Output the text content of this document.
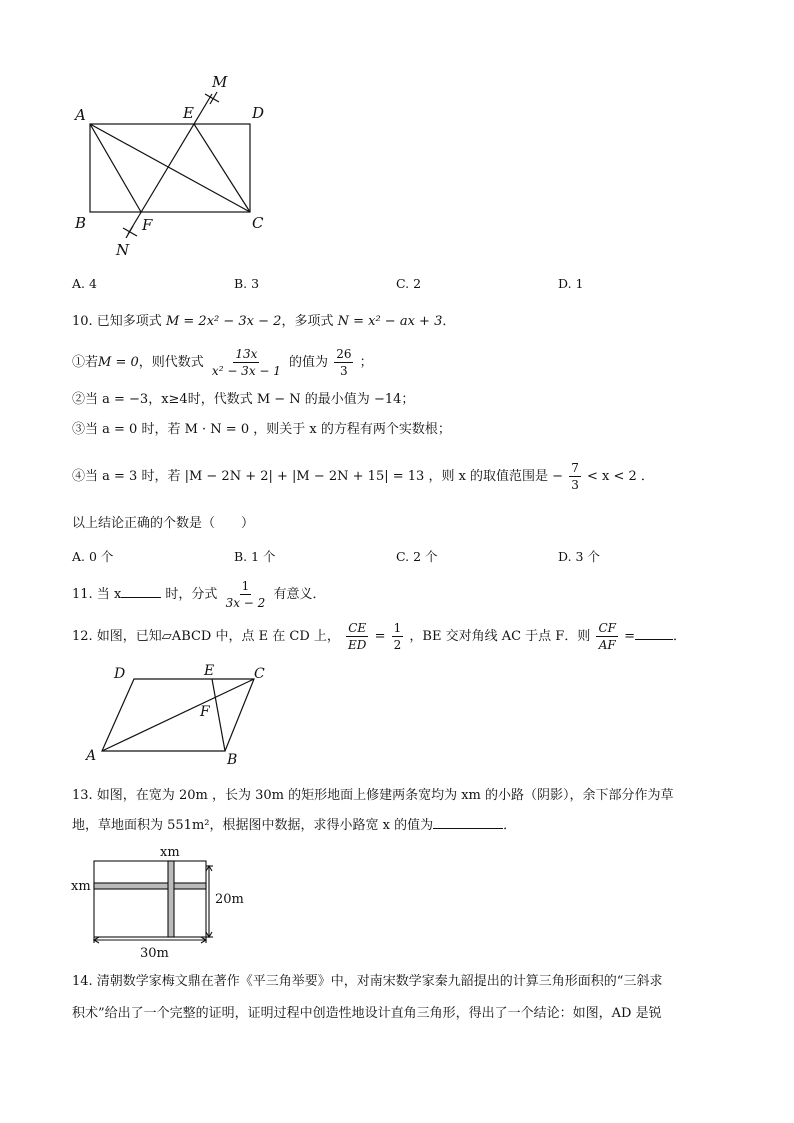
M
A	E	D
B	F	C
N
A. 4	B. 3	C. 2	D. 1
10. 已知多项式 M = 2x² − 3x − 2，多项式 N = x² − ax + 3．
①若M = 0，则代数式 $\frac{13x}{\text{x² − 3x − 1}}$ 的值为 $\frac{26}{3}$ ；
②当 a = −3，x≥4时，代数式 M − N 的最小值为 −14；
③当 a = 0 时，若 M · N = 0 ，则关于 x 的方程有两个实数根；
④当 a = 3 时，若 |M − 2N + 2| + |M − 2N + 15| = 13 ，则 x 的取值范围是 − $\frac{7}{3} < x < 2$ ．
以上结论正确的个数是（　　）
A. 0 个	B. 1 个	C. 2 个	D. 3 个
11. 当 x	时，分式 $\frac{1}{3x - 2}$ 有意义．
12. 如图，已知▱ABCD 中，点 E 在 CD 上， $\frac{CE}{ED} = \frac{1}{2}$ ，BE 交对角线 AC 于点 F．则 $\frac{CF}{AF}$ =	．
D	E	C
F
A	B
13. 如图，在宽为 20m ，长为 30m 的矩形地面上修建两条宽均为 xm 的小路（阴影），余下部分作为草
地，草地面积为 551m²，根据图中数据，求得小路宽 x 的值为	．
xm
xm
20m
30m
14. 清朝数学家梅文鼎在著作《平三角举要》中，对南宋数学家秦九韶提出的计算三角形面积的“三斜求
积术”给出了一个完整的证明，证明过程中创造性地设计直角三角形，得出了一个结论：如图，AD 是锐
